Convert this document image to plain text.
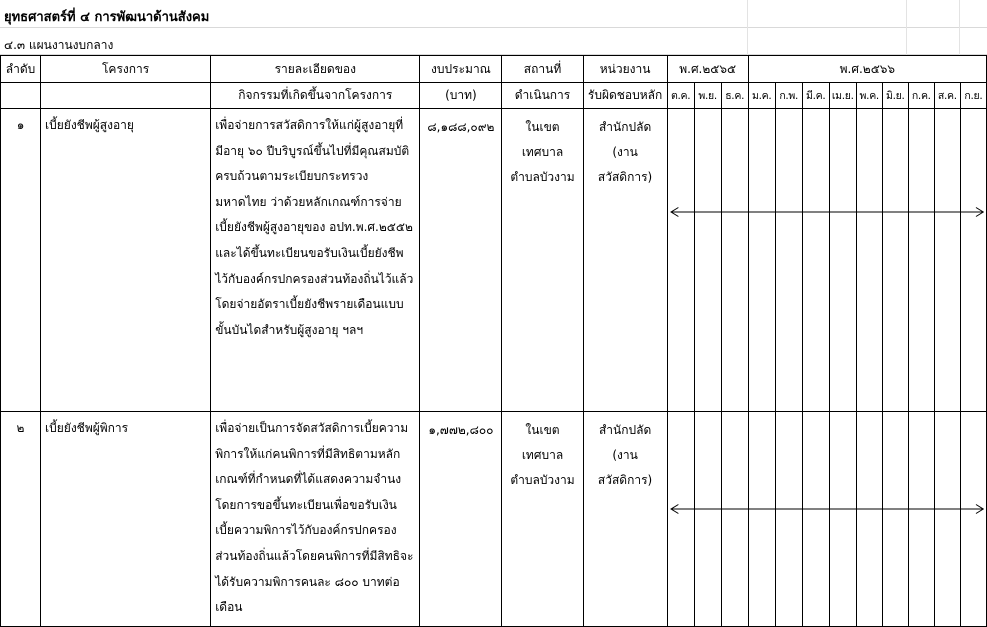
ยุทธศาสตร์ที่ ๔ การพัฒนาด้านสังคม
๔.๓ แผนงานงบกลาง
ลำดับ	โครงการ	รายละเอียดของ	งบประมาณ	สถานที่	หน่วยงาน	พ.ศ.๒๕๖๕			พ.ศ.๒๕๖๖								
		กิจกรรมที่เกิดขึ้นจากโครงการ	(บาท)	ดำเนินการ	รับผิดชอบหลัก	ต.ค.	พ.ย.	ธ.ค.	ม.ค.	ก.พ.	มี.ค.	เม.ย.	พ.ค.	มิ.ย.	ก.ค.	ส.ค.	ก.ย.

๑	เบี้ยยังชีพผู้สูงอายุ	เพื่อจ่ายการสวัสดิการให้แก่ผู้สูงอายุที่มีอายุ ๖๐ ปีบริบูรณ์ขึ้นไปที่มีคุณสมบัติครบถ้วนตามระเบียบกระทรวงมหาดไทย ว่าด้วยหลักเกณฑ์การจ่ายเบี้ยยังชีพผู้สูงอายุของ อปท.พ.ศ.๒๕๕๒ และได้ขึ้นทะเบียนขอรับเงินเบี้ยยังชีพไว้กับองค์กรปกครองส่วนท้องถิ่นไว้แล้วโดยจ่ายอัตราเบี้ยยังชีพรายเดือนแบบขั้นบันไดสำหรับผู้สูงอายุ ฯลฯ	๘,๑๘๘,๐๙๒	ในเขต เทศบาล ตำบลบัวงาม	สำนักปลัด (งานสวัสดิการ)

๒	เบี้ยยังชีพผู้พิการ	เพื่อจ่ายเป็นการจัดสวัสดิการเบี้ยความพิการให้แก่คนพิการที่มีสิทธิตามหลักเกณฑ์ที่กำหนดที่ได้แสดงความจำนงโดยการขอขึ้นทะเบียนเพื่อขอรับเงินเบี้ยความพิการไว้กับองค์กรปกครองส่วนท้องถิ่นแล้วโดยคนพิการที่มีสิทธิจะได้รับความพิการคนละ ๘๐๐ บาทต่อเดือน	๑,๗๗๒,๘๐๐	ในเขต เทศบาล ตำบลบัวงาม	สำนักปลัด (งานสวัสดิการ)
